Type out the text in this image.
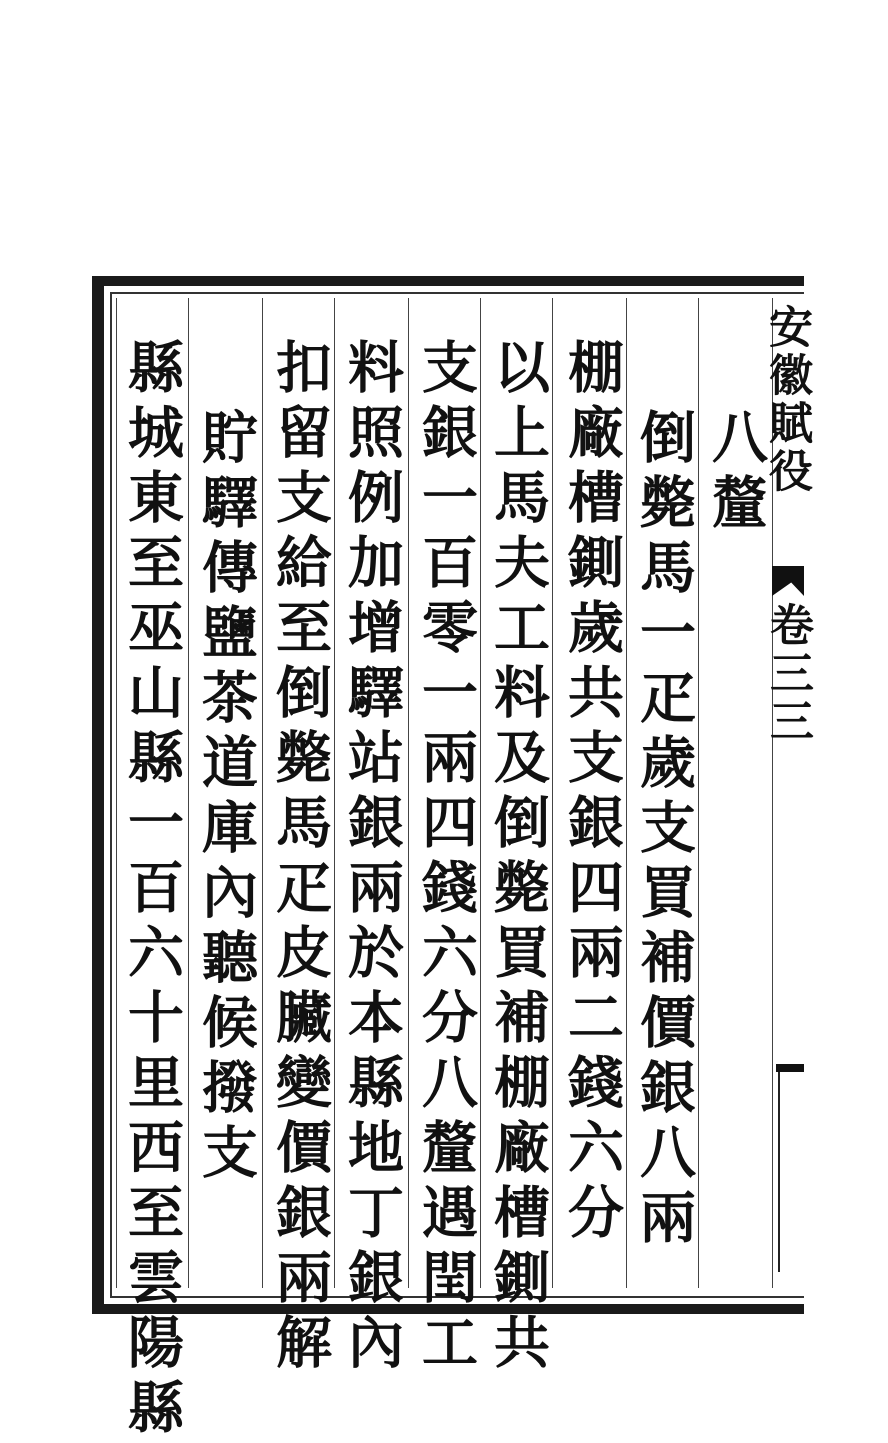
安徽賦役
卷三三
八釐
倒斃馬一疋歲支買補價銀八兩
棚廠槽鍘歲共支銀四兩二錢六分
以上馬夫工料及倒斃買補棚廠槽鍘共
支銀一百零一兩四錢六分八釐遇閏工
料照例加增驛站銀兩於本縣地丁銀內
扣留支給至倒斃馬疋皮臟變價銀兩解
貯驛傳鹽茶道庫內聽候撥支
縣城東至巫山縣一百六十里西至雲陽縣
